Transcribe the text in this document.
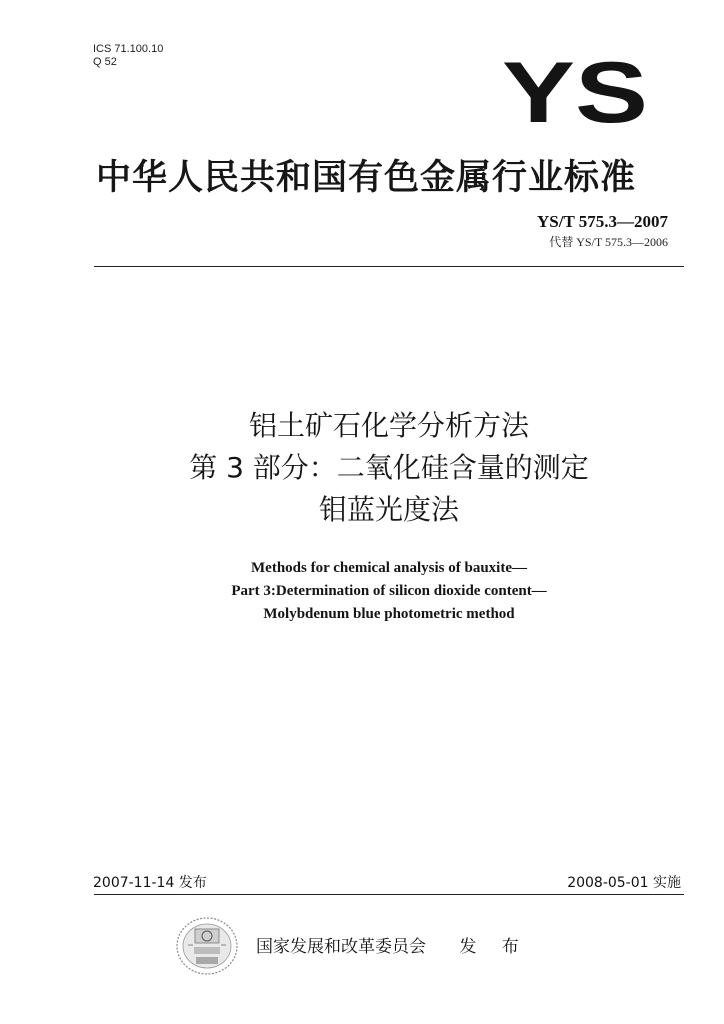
ICS 71.100.10
Q 52	YS
中华人民共和国有色金属行业标准
YS/T 575.3—2007
代替 YS/T 575.3—2006
铝土矿石化学分析方法
第 3 部分：二氧化硅含量的测定
钼蓝光度法
Methods for chemical analysis of bauxite—
Part 3:Determination of silicon dioxide content—
Molybdenum blue photometric method
2007-11-14 发布	2008-05-01 实施
国家发展和改革委员会 发 布
